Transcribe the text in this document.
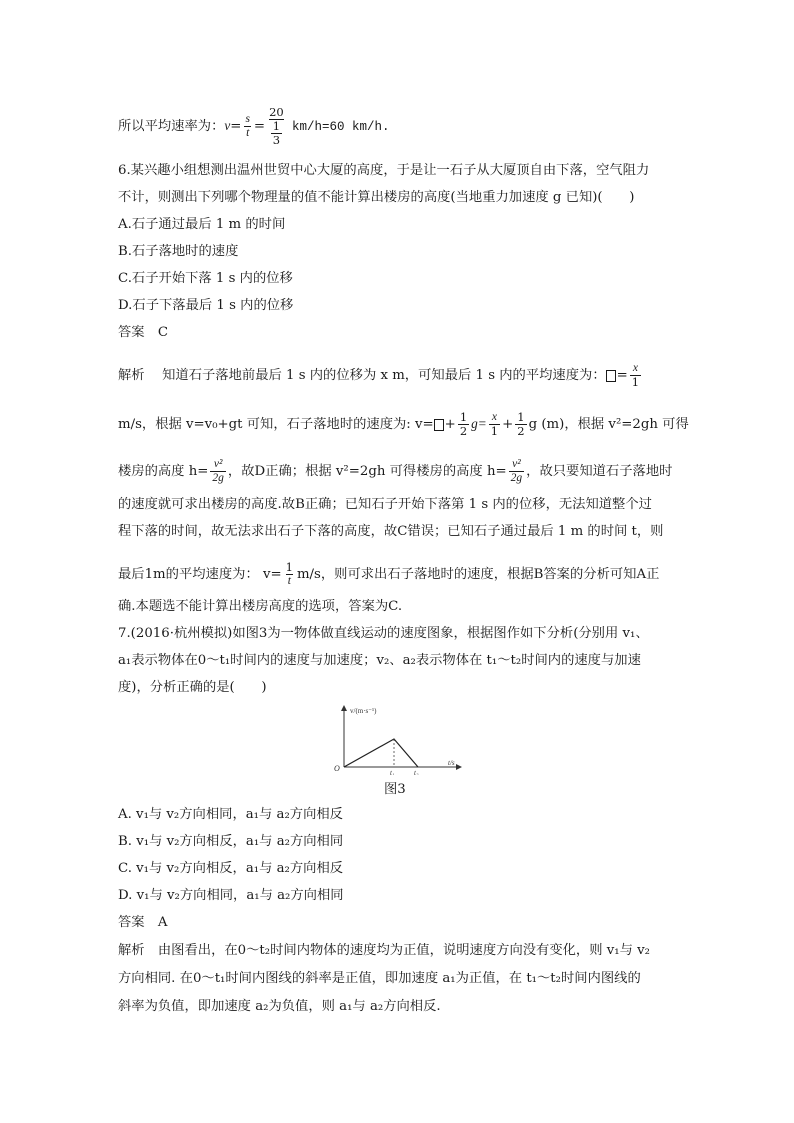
所以平均速率为：$v= \frac{s}{t} = \frac{20}{\frac{1}{3}} km/h=60$ km/h.
6.某兴趣小组想测出温州世贸中心大厦的高度，于是让一石子从大厦顶自由下落，空气阻力
不计，则测出下列哪个物理量的值不能计算出楼房的高度(当地重力加速度 g 已知)(　　)
A.石子通过最后 1 m 的时间
B.石子落地时的速度
C.石子开始下落 1 s 内的位移
D.石子下落最后 1 s 内的位移
答案　C
解析　 知道石子落地前最后 1 s 内的位移为 x m，可知最后 1 s 内的平均速度为： = $\frac{x}{1}$
m/s，根据 v=v₀+gt 可知，石子落地时的速度为: $v= + \frac{1}{2} g= \frac{x}{1} + \frac{1}{2}$ g (m)，根据 v²=2gh 可得
楼房的高度 $h= \frac{\text{v²}}{2g}$ ，故D正确；根据 v²=2gh 可得楼房的高度 $h= \frac{\text{v²}}{2g}$ ，故只要知道石子落地时
的速度就可求出楼房的高度.故B正确；已知石子开始下落第 1 s 内的位移，无法知道整个过
程下落的时间，故无法求出石子下落的高度，故C错误；已知石子通过最后 1 m 的时间 t，则
最后1m的平均速度为： $v= \frac{1}{t} m/s$，则可求出石子落地时的速度，根据B答案的分析可知A正
确.本题选不能计算出楼房高度的选项，答案为C.
7.(2016·杭州模拟)如图3为一物体做直线运动的速度图象，根据图作如下分析(分别用 v₁、
a₁表示物体在0～t₁时间内的速度与加速度；v₂、a₂表示物体在 t₁～t₂时间内的速度与加速
度)，分析正确的是(　　)
v/(m·s⁻¹)
O	t₁	t₂
t/s
图3
A. v₁与 v₂方向相同，a₁与 a₂方向相反
B. v₁与 v₂方向相反，a₁与 a₂方向相同
C. v₁与 v₂方向相反，a₁与 a₂方向相反
D. v₁与 v₂方向相同，a₁与 a₂方向相同
答案　A
解析　由图看出，在0～t₂时间内物体的速度均为正值，说明速度方向没有变化，则 v₁与 v₂
方向相同. 在0～t₁时间内图线的斜率是正值，即加速度 a₁为正值，在 t₁～t₂时间内图线的
斜率为负值，即加速度 a₂为负值，则 a₁与 a₂方向相反.
